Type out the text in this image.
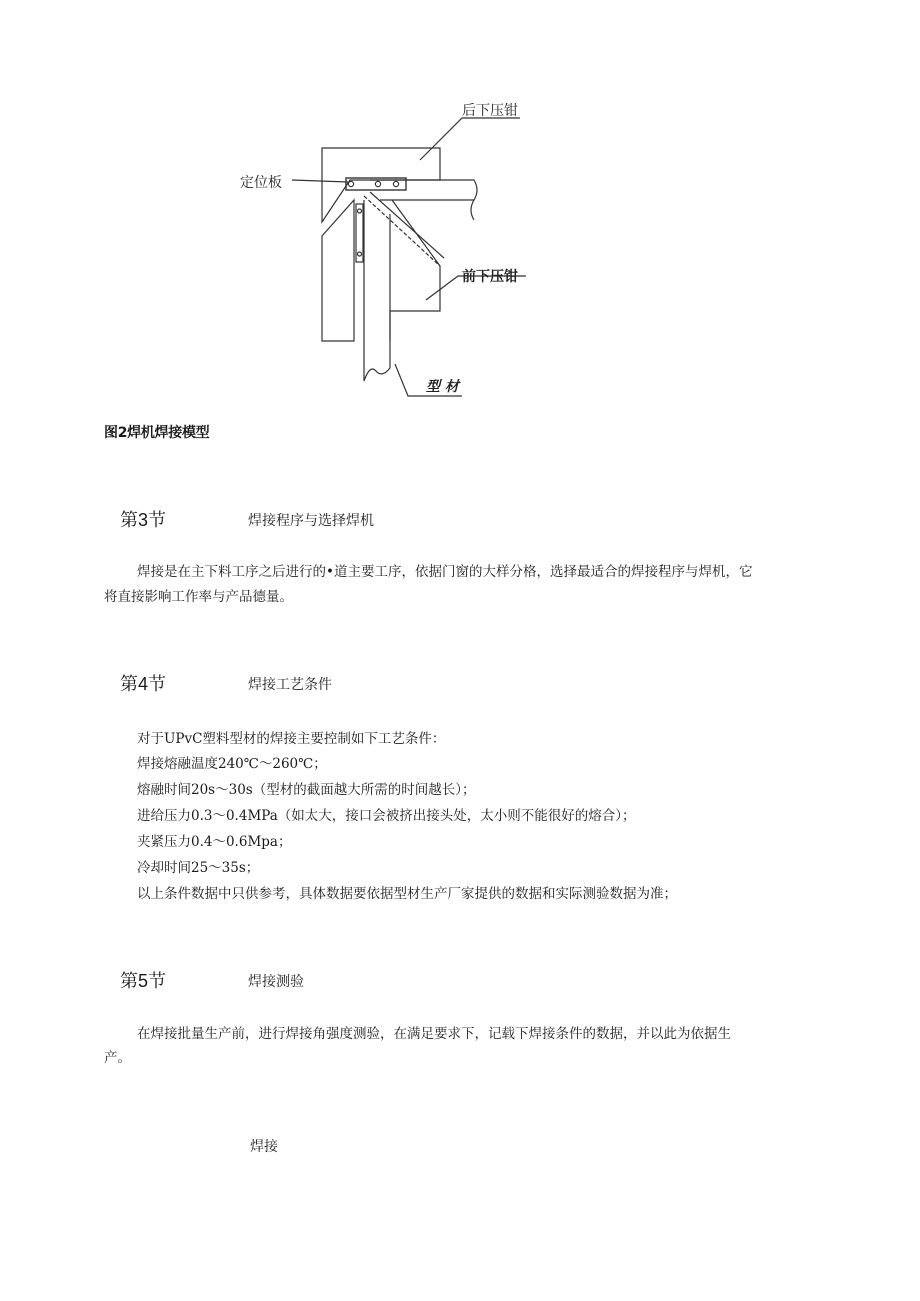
后下压钳
定位板
前下压钳
型 材
图2焊机焊接模型
第3节	焊接程序与选择焊机
焊接是在主下料工序之后进行的•道主要工序，依据门窗的大样分格，选择最适合的焊接程序与焊机，它
将直接影响工作率与产品德量。
第4节	焊接工艺条件
对于UPvC塑料型材的焊接主要控制如下工艺条件：
焊接熔融温度240℃～260℃；
熔融时间20s～30s（型材的截面越大所需的时间越长）；
进给压力0.3～0.4MPa（如太大，接口会被挤出接头处，太小则不能很好的熔合）；
夹紧压力0.4～0.6Mpa；
冷却时间25～35s；
以上条件数据中只供参考，具体数据要依据型材生产厂家提供的数据和实际测验数据为准；
第5节	焊接测验
在焊接批量生产前，进行焊接角强度测验，在满足要求下，记载下焊接条件的数据，并以此为依据生
产。
焊接
